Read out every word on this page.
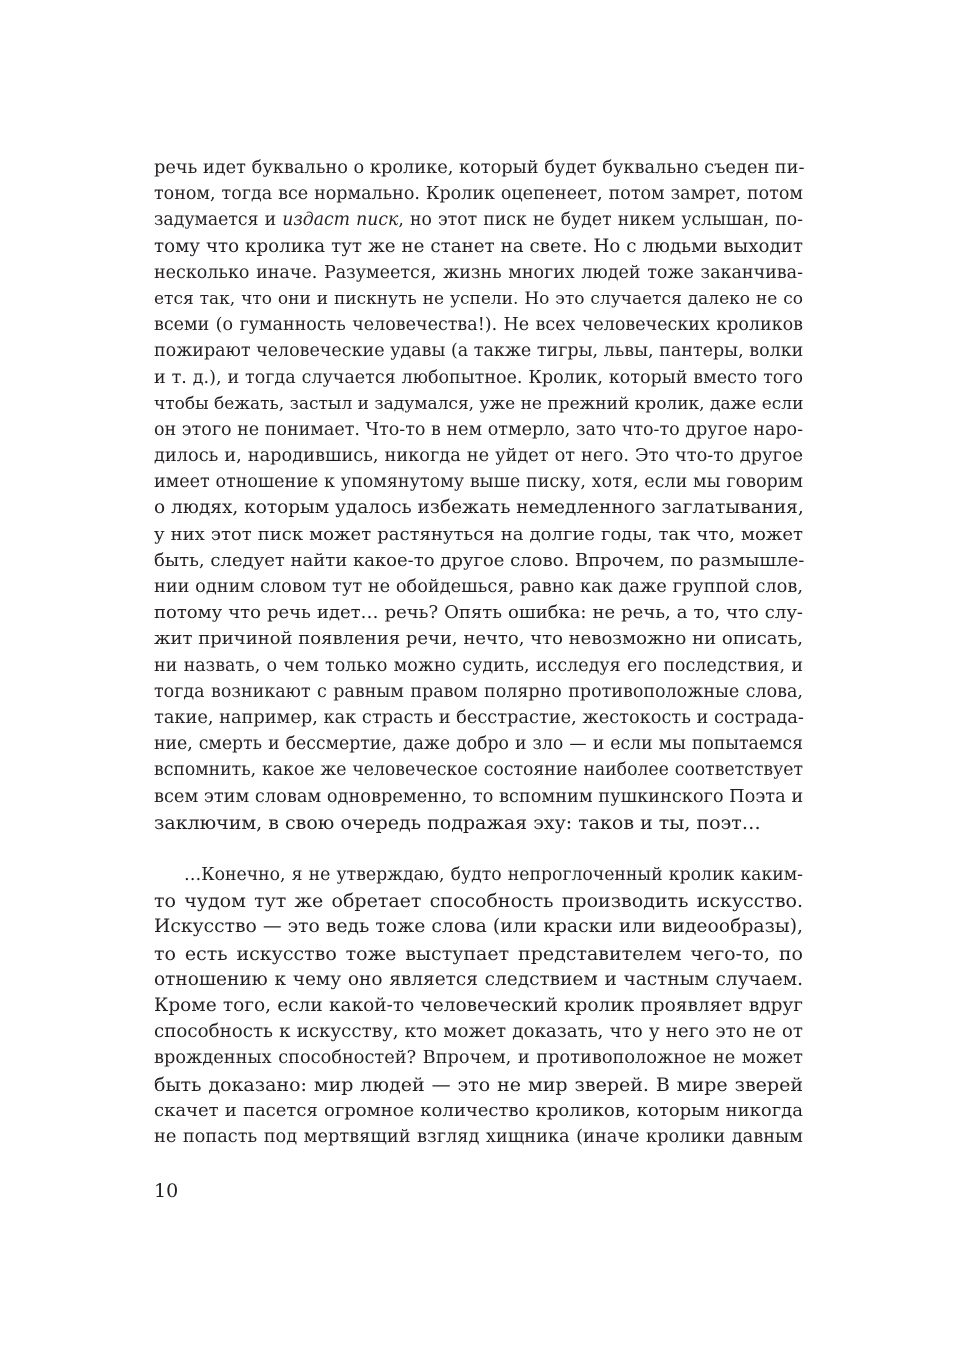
речь идет буквально о кролике, который будет буквально съеден пи-
тоном, тогда все нормально. Кролик оцепенеет, потом замрет, потом
задумается и издаст писк, но этот писк не будет никем услышан, по-
тому что кролика тут же не станет на свете. Но с людьми выходит
несколько иначе. Разумеется, жизнь многих людей тоже заканчива-
ется так, что они и пискнуть не успели. Но это случается далеко не со
всеми (о гуманность человечества!). Не всех человеческих кроликов
пожирают человеческие удавы (а также тигры, львы, пантеры, волки
и т. д.), и тогда случается любопытное. Кролик, который вместо того
чтобы бежать, застыл и задумался, уже не прежний кролик, даже если
он этого не понимает. Что-то в нем отмерло, зато что-то другое наро-
дилось и, народившись, никогда не уйдет от него. Это что-то другое
имеет отношение к упомянутому выше писку, хотя, если мы говорим
о людях, которым удалось избежать немедленного заглатывания,
у них этот писк может растянуться на долгие годы, так что, может
быть, следует найти какое-то другое слово. Впрочем, по размышле-
нии одним словом тут не обойдешься, равно как даже группой слов,
потому что речь идет… речь? Опять ошибка: не речь, а то, что слу-
жит причиной появления речи, нечто, что невозможно ни описать,
ни назвать, о чем только можно судить, исследуя его последствия, и
тогда возникают с равным правом полярно противоположные слова,
такие, например, как страсть и бесстрастие, жестокость и сострада-
ние, смерть и бессмертие, даже добро и зло — и если мы попытаемся
вспомнить, какое же человеческое состояние наиболее соответствует
всем этим словам одновременно, то вспомним пушкинского Поэта и
заключим, в свою очередь подражая эху: таков и ты, поэт…
…Конечно, я не утверждаю, будто непроглоченный кролик каким-
то чудом тут же обретает способность производить искусство.
Искусство — это ведь тоже слова (или краски или видеообразы),
то есть искусство тоже выступает представителем чего-то, по
отношению к чему оно является следствием и частным случаем.
Кроме того, если какой-то человеческий кролик проявляет вдруг
способность к искусству, кто может доказать, что у него это не от
врожденных способностей? Впрочем, и противоположное не может
быть доказано: мир людей — это не мир зверей. В мире зверей
скачет и пасется огромное количество кроликов, которым никогда
не попасть под мертвящий взгляд хищника (иначе кролики давным
10
